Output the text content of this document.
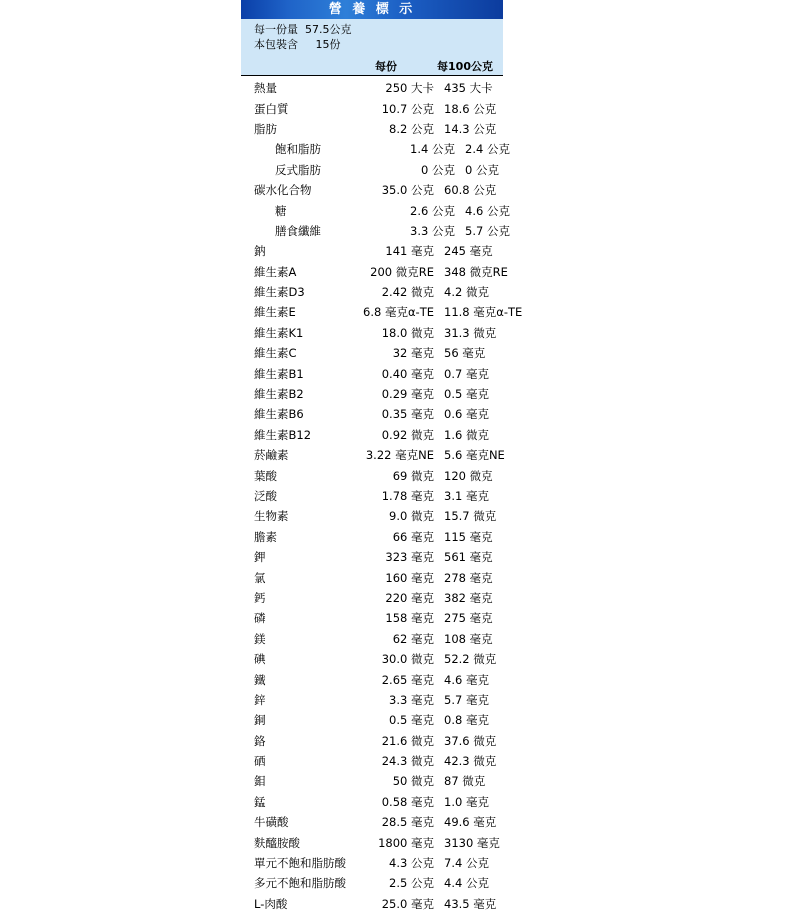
營 養 標 示
每一份量  57.5公克
本包裝含     15份
每份	每100公克
熱量	250 大卡 435 大卡
蛋白質	10.7 公克 18.6 公克
脂肪	8.2 公克 14.3 公克
飽和脂肪	1.4 公克 2.4 公克
反式脂肪	0 公克 0 公克
碳水化合物	35.0 公克 60.8 公克
糖	2.6 公克 4.6 公克
膳食纖維	3.3 公克 5.7 公克
鈉	141 毫克 245 毫克
維生素A	200 微克RE 348 微克RE
維生素D3	2.42 微克 4.2 微克
維生素E	6.8 毫克α-TE 11.8 毫克α-TE
維生素K1	18.0 微克 31.3 微克
維生素C	32 毫克 56 毫克
維生素B1	0.40 毫克 0.7 毫克
維生素B2	0.29 毫克 0.5 毫克
維生素B6	0.35 毫克 0.6 毫克
維生素B12	0.92 微克 1.6 微克
菸鹼素	3.22 毫克NE 5.6 毫克NE
葉酸	69 微克 120 微克
泛酸	1.78 毫克 3.1 毫克
生物素	9.0 微克 15.7 微克
膽素	66 毫克 115 毫克
鉀	323 毫克 561 毫克
氯	160 毫克 278 毫克
鈣	220 毫克 382 毫克
磷	158 毫克 275 毫克
鎂	62 毫克 108 毫克
碘	30.0 微克 52.2 微克
鐵	2.65 毫克 4.6 毫克
鋅	3.3 毫克 5.7 毫克
銅	0.5 毫克 0.8 毫克
鉻	21.6 微克 37.6 微克
硒	24.3 微克 42.3 微克
鉬	50 微克 87 微克
錳	0.58 毫克 1.0 毫克
牛磺酸	28.5 毫克 49.6 毫克
麩醯胺酸	1800 毫克 3130 毫克
單元不飽和脂肪酸	4.3 公克 7.4 公克
多元不飽和脂肪酸	2.5 公克 4.4 公克
L-肉酸	25.0 毫克 43.5 毫克
